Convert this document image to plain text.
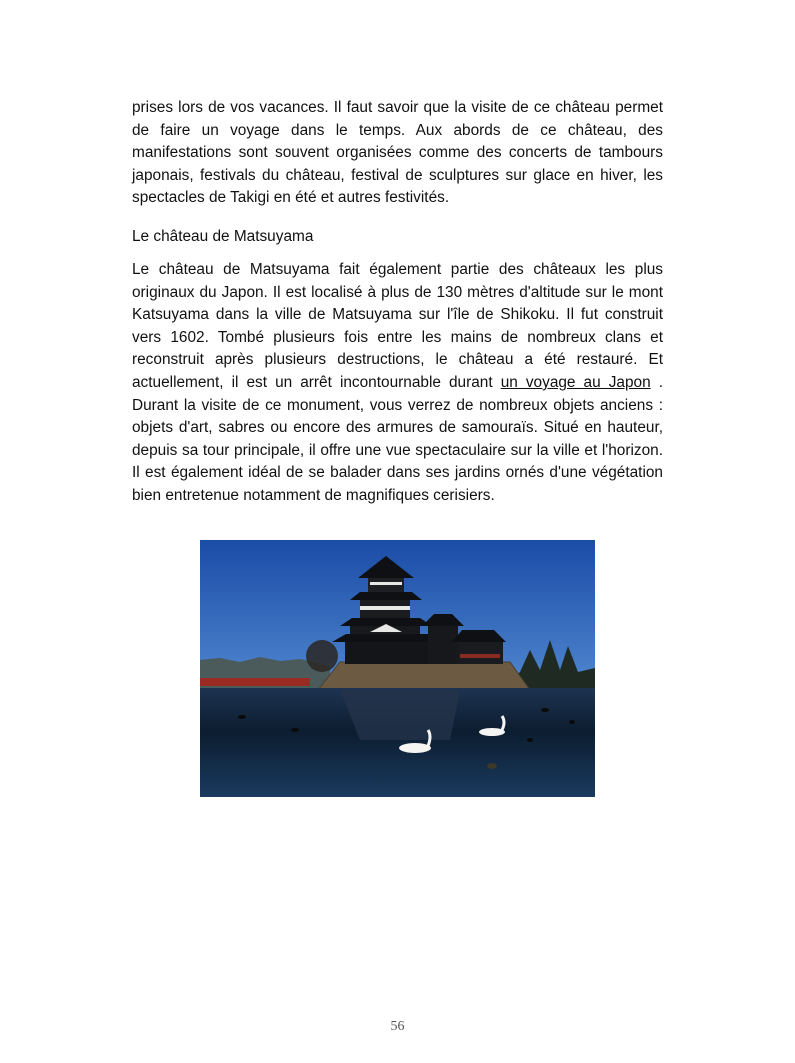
prises lors de vos vacances. Il faut savoir que la visite de ce château permet de faire un voyage dans le temps. Aux abords de ce château, des manifestations sont souvent organisées comme des concerts de tambours japonais, festivals du château, festival de sculptures sur glace en hiver, les spectacles de Takigi en été et autres festivités.

Le château de Matsuyama

Le château de Matsuyama fait également partie des châteaux les plus originaux du Japon. Il est localisé à plus de 130 mètres d'altitude sur le mont Katsuyama dans la ville de Matsuyama sur l'île de Shikoku. Il fut construit vers 1602. Tombé plusieurs fois entre les mains de nombreux clans et reconstruit après plusieurs destructions, le château a été restauré. Et actuellement, il est un arrêt incontournable durant un voyage au Japon . Durant la visite de ce monument, vous verrez de nombreux objets anciens : objets d'art, sabres ou encore des armures de samouraïs. Situé en hauteur, depuis sa tour principale, il offre une vue spectaculaire sur la ville et l'horizon. Il est également idéal de se balader dans ses jardins ornés d'une végétation bien entretenue notamment de magnifiques cerisiers.

56
